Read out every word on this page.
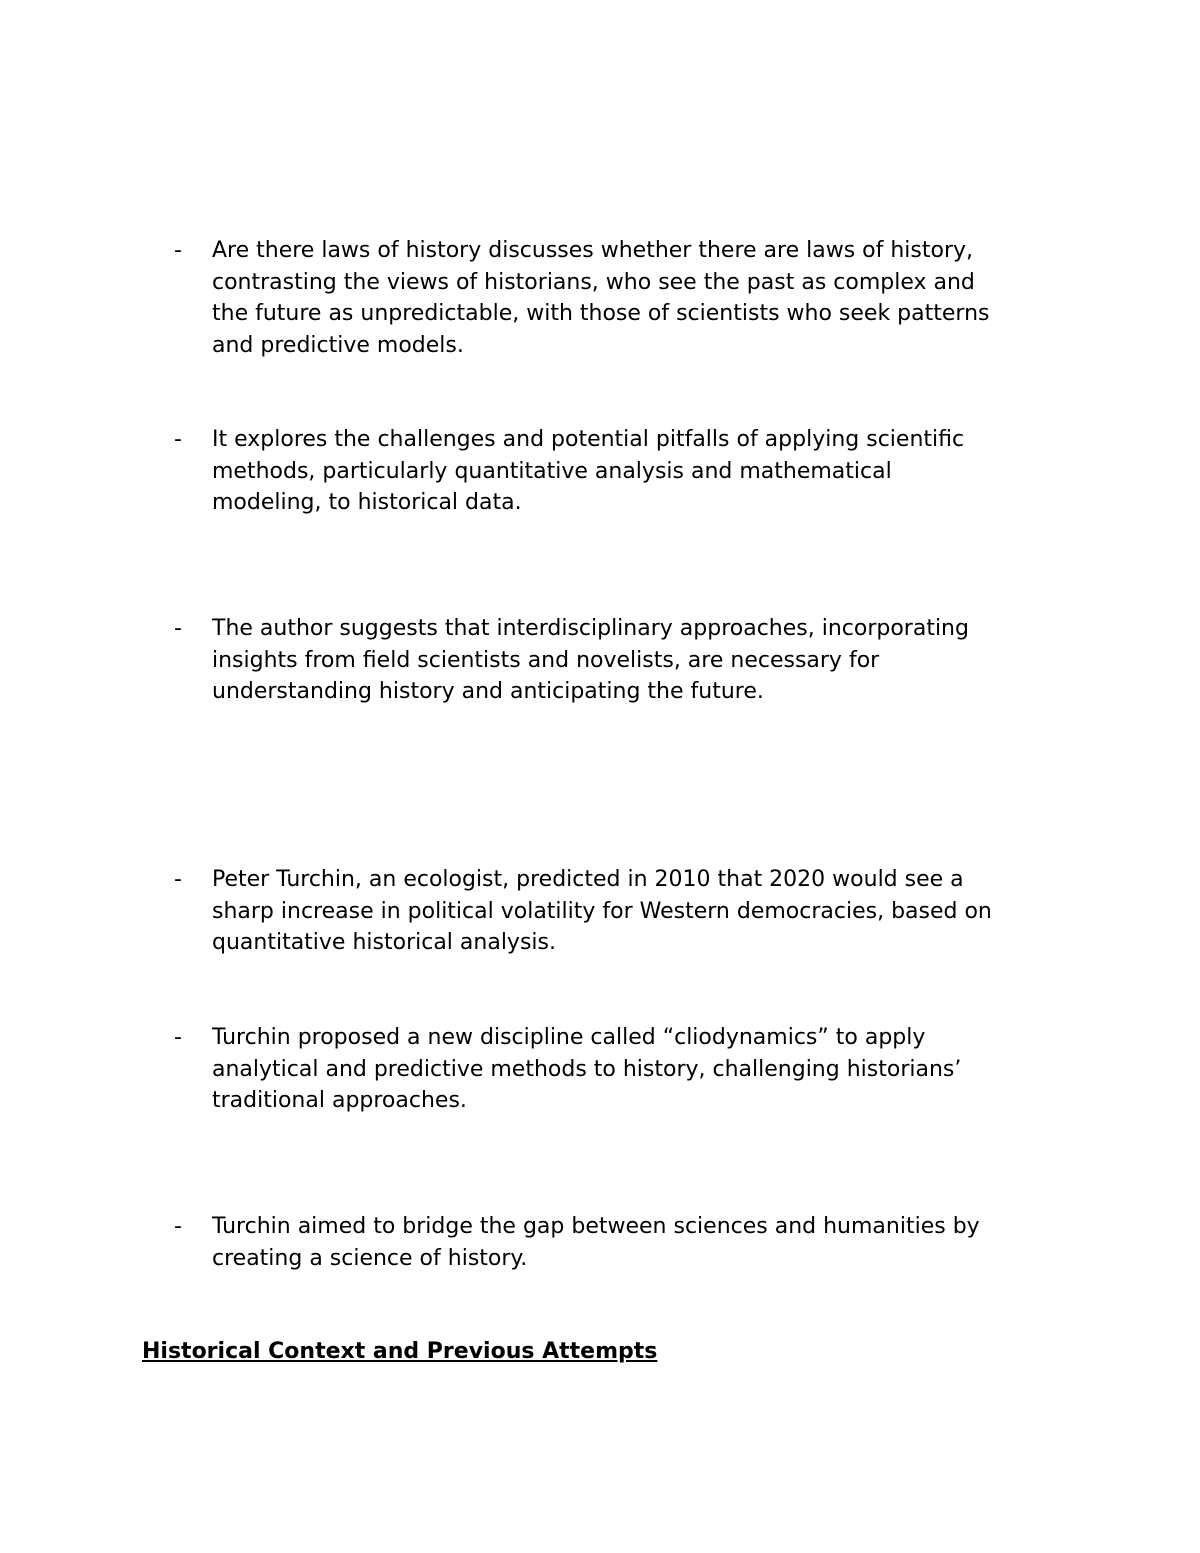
-	Are there laws of history discusses whether there are laws of history,
contrasting the views of historians, who see the past as complex and
the future as unpredictable, with those of scientists who seek patterns
and predictive models.
-	It explores the challenges and potential pitfalls of applying scientific
methods, particularly quantitative analysis and mathematical
modeling, to historical data.
-	The author suggests that interdisciplinary approaches, incorporating
insights from field scientists and novelists, are necessary for
understanding history and anticipating the future.
-	Peter Turchin, an ecologist, predicted in 2010 that 2020 would see a
sharp increase in political volatility for Western democracies, based on
quantitative historical analysis.
-	Turchin proposed a new discipline called “cliodynamics” to apply
analytical and predictive methods to history, challenging historians’
traditional approaches.
-	Turchin aimed to bridge the gap between sciences and humanities by
creating a science of history.
Historical Context and Previous Attempts
